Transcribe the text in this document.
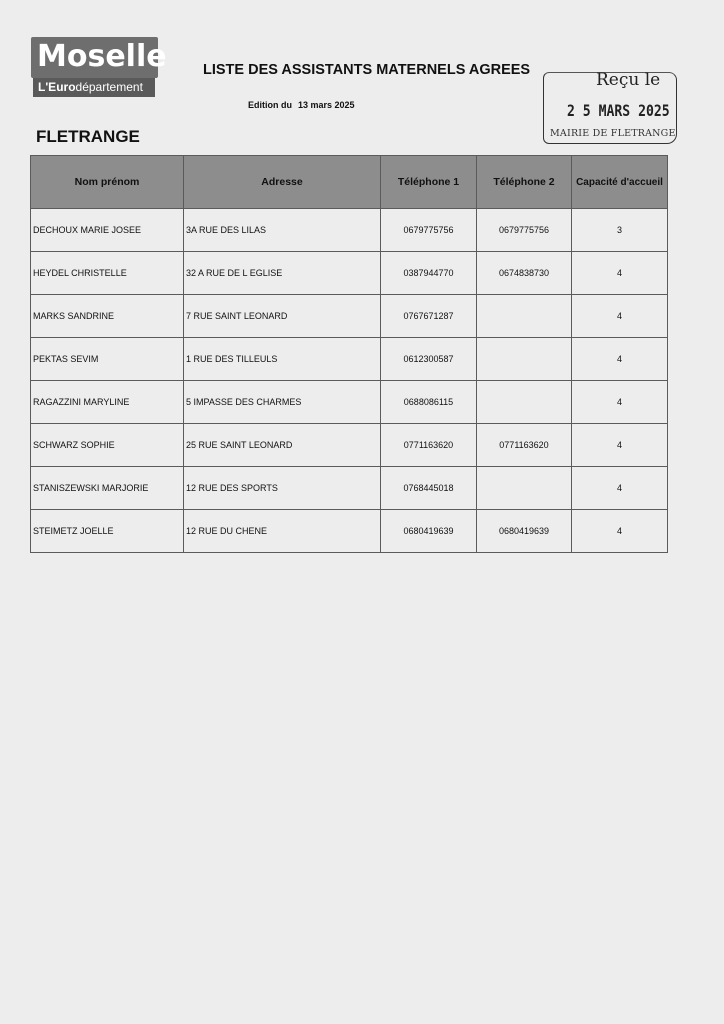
Moselle
L'Eurodépartement
LISTE DES ASSISTANTS MATERNELS AGREES
Edition du 13 mars 2025
FLETRANGE
Reçu le
2 5 MARS 2025
MAIRIE DE FLETRANGE
Nom prénom	Adresse	Téléphone 1	Téléphone 2	Capacité d'accueil
DECHOUX MARIE JOSEE	3A RUE DES LILAS	0679775756	0679775756	3
HEYDEL CHRISTELLE	32 A RUE DE L EGLISE	0387944770	0674838730	4
MARKS SANDRINE	7 RUE SAINT LEONARD	0767671287		4
PEKTAS SEVIM	1 RUE DES TILLEULS	0612300587		4
RAGAZZINI MARYLINE	5 IMPASSE DES CHARMES	0688086115		4
SCHWARZ SOPHIE	25 RUE SAINT LEONARD	0771163620	0771163620	4
STANISZEWSKI MARJORIE	12 RUE DES SPORTS	0768445018		4
STEIMETZ JOELLE	12 RUE DU CHENE	0680419639	0680419639	4
